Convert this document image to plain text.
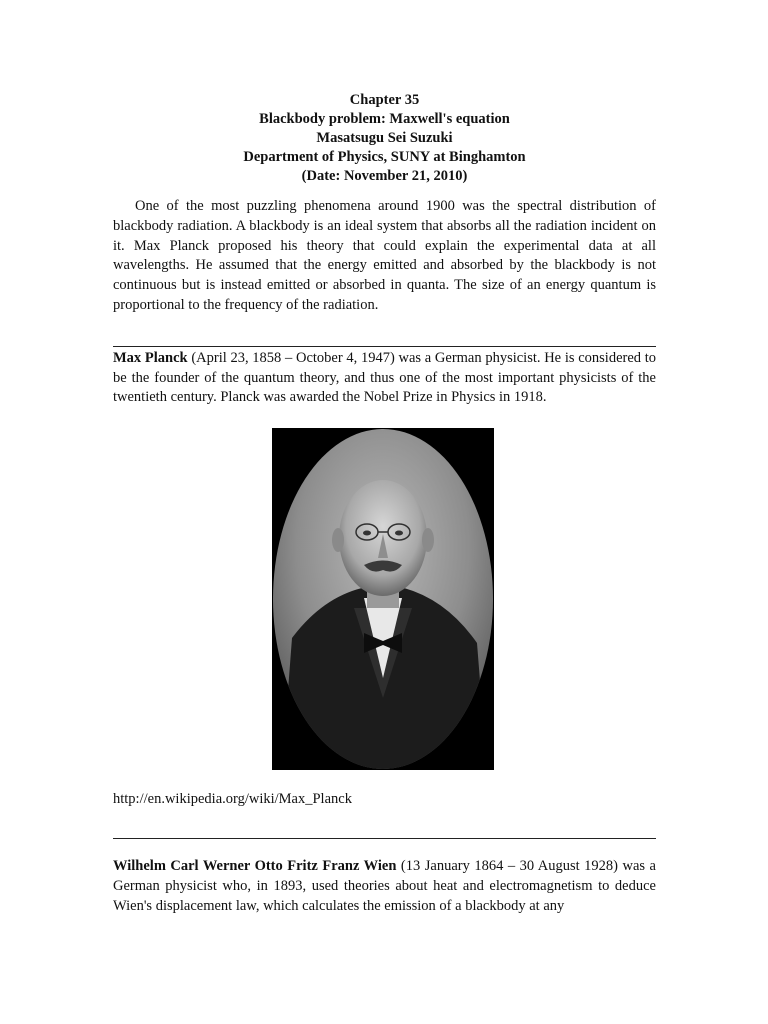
Chapter 35
Blackbody problem: Maxwell's equation
Masatsugu Sei Suzuki
Department of Physics, SUNY at Binghamton
(Date: November 21, 2010)

One of the most puzzling phenomena around 1900 was the spectral distribution of blackbody radiation. A blackbody is an ideal system that absorbs all the radiation incident on it. Max Planck proposed his theory that could explain the experimental data at all wavelengths. He assumed that the energy emitted and absorbed by the blackbody is not continuous but is instead emitted or absorbed in quanta. The size of an energy quantum is proportional to the frequency of the radiation.

Max Planck (April 23, 1858 – October 4, 1947) was a German physicist. He is considered to be the founder of the quantum theory, and thus one of the most important physicists of the twentieth century. Planck was awarded the Nobel Prize in Physics in 1918.

http://en.wikipedia.org/wiki/Max_Planck

Wilhelm Carl Werner Otto Fritz Franz Wien (13 January 1864 – 30 August 1928) was a German physicist who, in 1893, used theories about heat and electromagnetism to deduce Wien's displacement law, which calculates the emission of a blackbody at any
